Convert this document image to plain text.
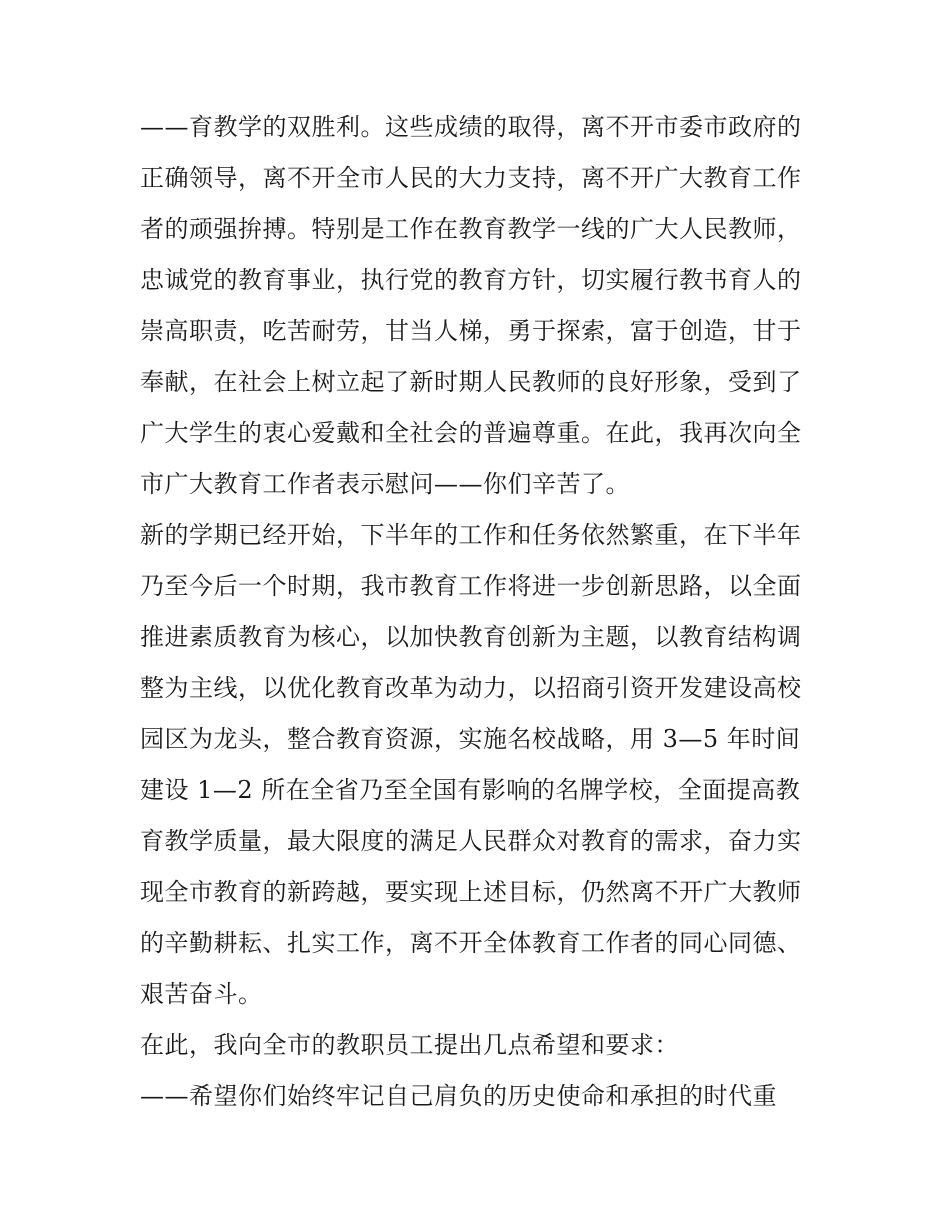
——育教学的双胜利。这些成绩的取得，离不开市委市政府的
正确领导，离不开全市人民的大力支持，离不开广大教育工作
者的顽强拚搏。特别是工作在教育教学一线的广大人民教师，
忠诚党的教育事业，执行党的教育方针，切实履行教书育人的
崇高职责，吃苦耐劳，甘当人梯，勇于探索，富于创造，甘于
奉献，在社会上树立起了新时期人民教师的良好形象，受到了
广大学生的衷心爱戴和全社会的普遍尊重。在此，我再次向全
市广大教育工作者表示慰问——你们辛苦了。
新的学期已经开始，下半年的工作和任务依然繁重，在下半年
乃至今后一个时期，我市教育工作将进一步创新思路，以全面
推进素质教育为核心，以加快教育创新为主题，以教育结构调
整为主线，以优化教育改革为动力，以招商引资开发建设高校
园区为龙头，整合教育资源，实施名校战略，用 3—5 年时间
建设 1—2 所在全省乃至全国有影响的名牌学校，全面提高教
育教学质量，最大限度的满足人民群众对教育的需求，奋力实
现全市教育的新跨越，要实现上述目标，仍然离不开广大教师
的辛勤耕耘、扎实工作，离不开全体教育工作者的同心同德、
艰苦奋斗。
在此，我向全市的教职员工提出几点希望和要求：
——希望你们始终牢记自己肩负的历史使命和承担的时代重
